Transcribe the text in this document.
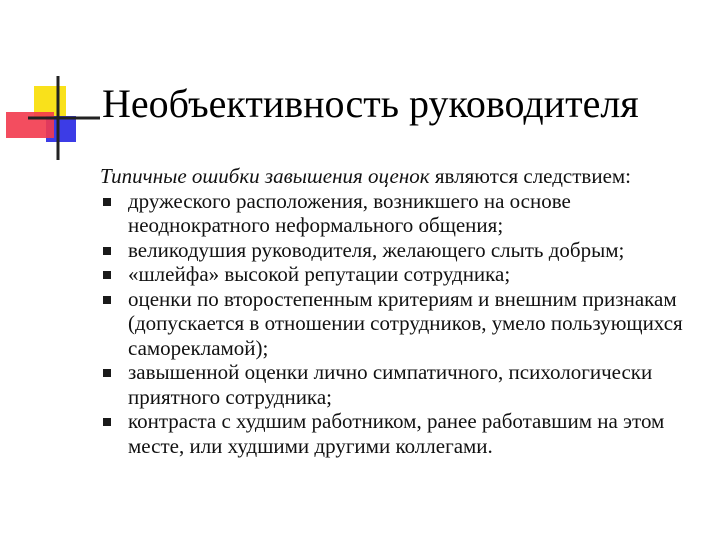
Необъективность руководителя

Типичные ошибки завышения оценок являются следствием:

дружеского расположения, возникшего на основе неоднократного неформального общения;
великодушия руководителя, желающего слыть добрым;
«шлейфа» высокой репутации сотрудника;
оценки по второстепенным критериям и внешним признакам (допускается в отношении сотрудников, умело пользующихся саморекламой);
завышенной оценки лично симпатичного, психологически приятного сотрудника;
контраста с худшим работником, ранее работавшим на этом месте, или худшими другими коллегами.
